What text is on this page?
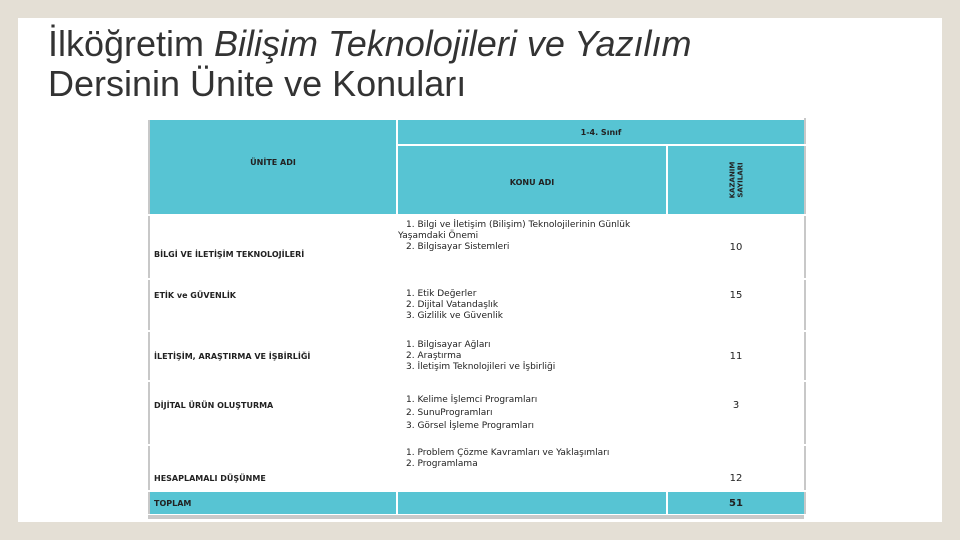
İlköğretim Bilişim Teknolojileri ve Yazılım
Dersinin Ünite ve Konuları
ÜNİTE ADI	1-4. Sınıf	
	KONU ADI	KAZANIM
SAYILARI
BİLGİ VE İLETİŞİM TEKNOLOJİLERİ	1. Bilgi ve İletişim (Bilişim) Teknolojilerinin Günlük
Yaşamdaki Önemi
2. Bilgisayar Sistemleri	10
ETİK ve GÜVENLİK	1. Etik Değerler
2. Dijital Vatandaşlık
3. Gizlilik ve Güvenlik	15
İLETİŞİM, ARAŞTIRMA VE İŞBİRLİĞİ	1. Bilgisayar Ağları
2. Araştırma
3. İletişim Teknolojileri ve İşbirliği	11
DİJİTAL ÜRÜN OLUŞTURMA	1. Kelime İşlemci Programları
2. SunuProgramları
3. Görsel İşleme Programları	3
HESAPLAMALI DÜŞÜNME	1. Problem Çözme Kavramları ve Yaklaşımları
2. Programlama	12
TOPLAM		51
